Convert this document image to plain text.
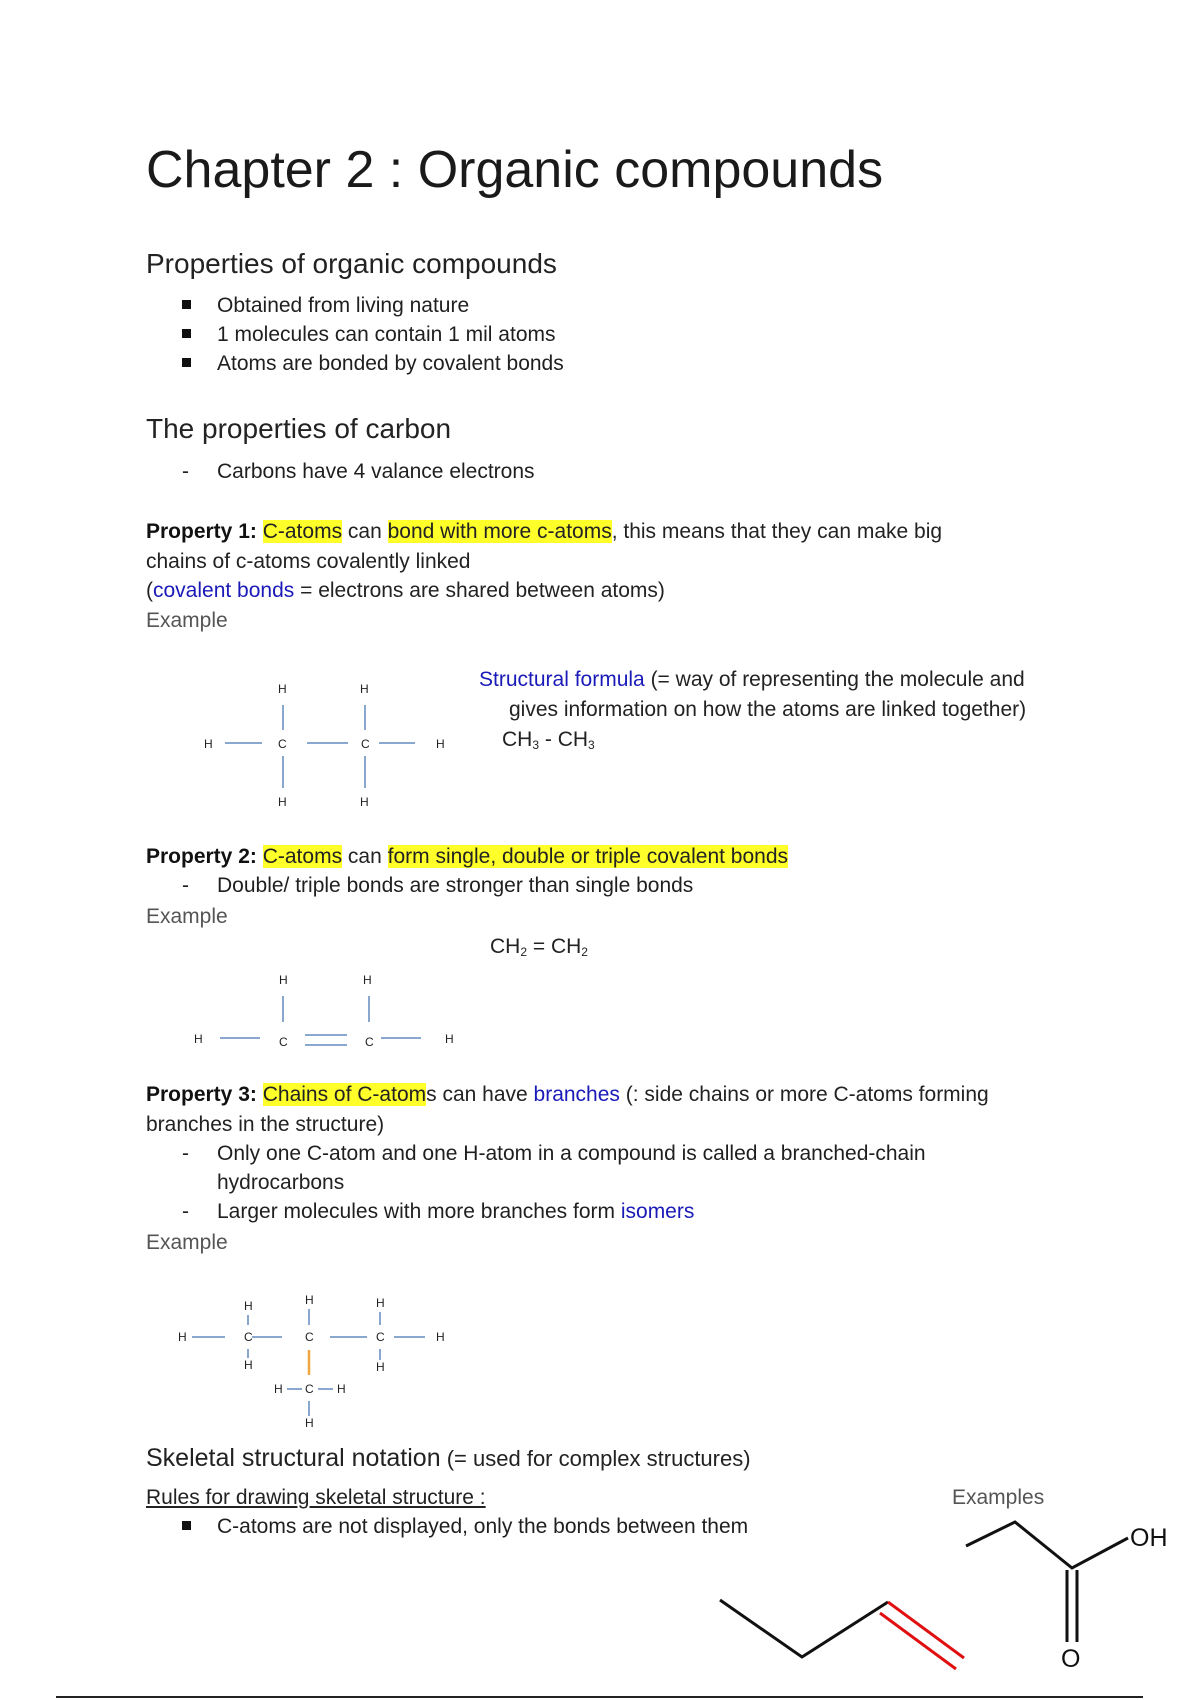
Chapter 2 : Organic compounds
Properties of organic compounds
Obtained from living nature
1 molecules can contain 1 mil atoms
Atoms are bonded by covalent bonds
The properties of carbon
- Carbons have 4 valance electrons
Property 1: C-atoms can bond with more c-atoms, this means that they can make big
chains of c-atoms covalently linked
(covalent bonds = electrons are shared between atoms)
Example
H	C	C	H
H	H
H	H
Structural formula (= way of representing the molecule and
gives information on how the atoms are linked together)
$CH_3 - CH_3$
Property 2: C-atoms can form single, double or triple covalent bonds
- Double/ triple bonds are stronger than single bonds
Example
$CH_2 = CH_2$
H	C	C	H
H	H
Property 3: Chains of C-atoms can have branches (: side chains or more C-atoms forming
branches in the structure)
- Only one C-atom and one H-atom in a compound is called a branched-chain
hydrocarbons
- Larger molecules with more branches form isomers
Example
H	C	C	C	H
H
H
H	H
H
C
H	H
H
Skeletal structural notation (= used for complex structures)
Rules for drawing skeletal structure :
C-atoms are not displayed, only the bonds between them
Examples
OH
O
